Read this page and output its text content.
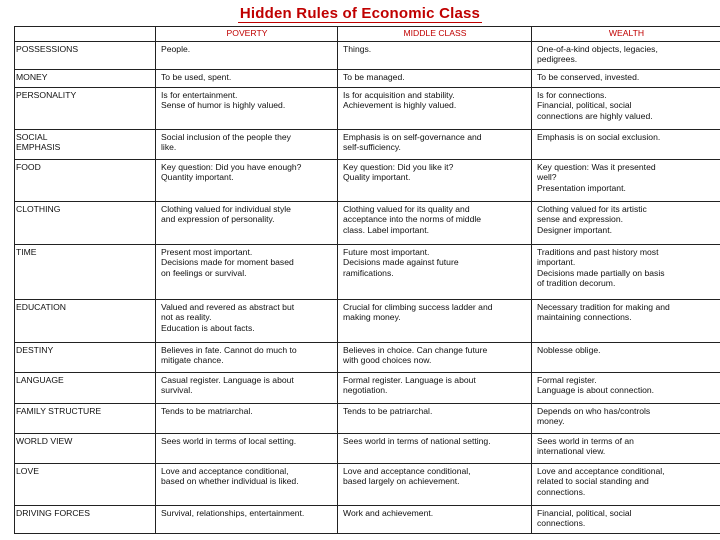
Hidden Rules of Economic Class
	POVERTY	MIDDLE CLASS	WEALTH
POSSESSIONS	People.	Things.	One-of-a-kind objects, legacies,
pedigrees.
MONEY	To be used, spent.	To be managed.	To be conserved, invested.
PERSONALITY	Is for entertainment.
Sense of humor is highly valued.	Is for acquisition and stability.
Achievement is highly valued.	Is for connections.
Financial, political, social
connections are highly valued.
SOCIAL
EMPHASIS	Social inclusion of the people they
like.	Emphasis is on self-governance and
self-sufficiency.	Emphasis is on social exclusion.
FOOD	Key question: Did you have enough?
Quantity important.	Key question: Did you like it?
Quality important.	Key question: Was it presented
well?
Presentation important.
CLOTHING	Clothing valued for individual style
and expression of personality.	Clothing valued for its quality and
acceptance into the norms of middle
class. Label important.	Clothing valued for its artistic
sense and expression.
Designer important.
TIME	Present most important.
Decisions made for moment based
on feelings or survival.	Future most important.
Decisions made against future
ramifications.	Traditions and past history most
important.
Decisions made partially on basis
of tradition decorum.
EDUCATION	Valued and revered as abstract but
not as reality.
Education is about facts.	Crucial for climbing success ladder and
making money.	Necessary tradition for making and
maintaining connections.
DESTINY	Believes in fate. Cannot do much to
mitigate chance.	Believes in choice. Can change future
with good choices now.	Noblesse oblige.
LANGUAGE	Casual register. Language is about
survival.	Formal register. Language is about
negotiation.	Formal register.
Language is about connection.
FAMILY STRUCTURE	Tends to be matriarchal.	Tends to be patriarchal.	Depends on who has/controls
money.
WORLD VIEW	Sees world in terms of local setting.	Sees world in terms of national setting.	Sees world in terms of an
international view.
LOVE	Love and acceptance conditional,
based on whether individual is liked.	Love and acceptance conditional,
based largely on achievement.	Love and acceptance conditional,
related to social standing and
connections.
DRIVING FORCES	Survival, relationships, entertainment.	Work and achievement.	Financial, political, social
connections.
